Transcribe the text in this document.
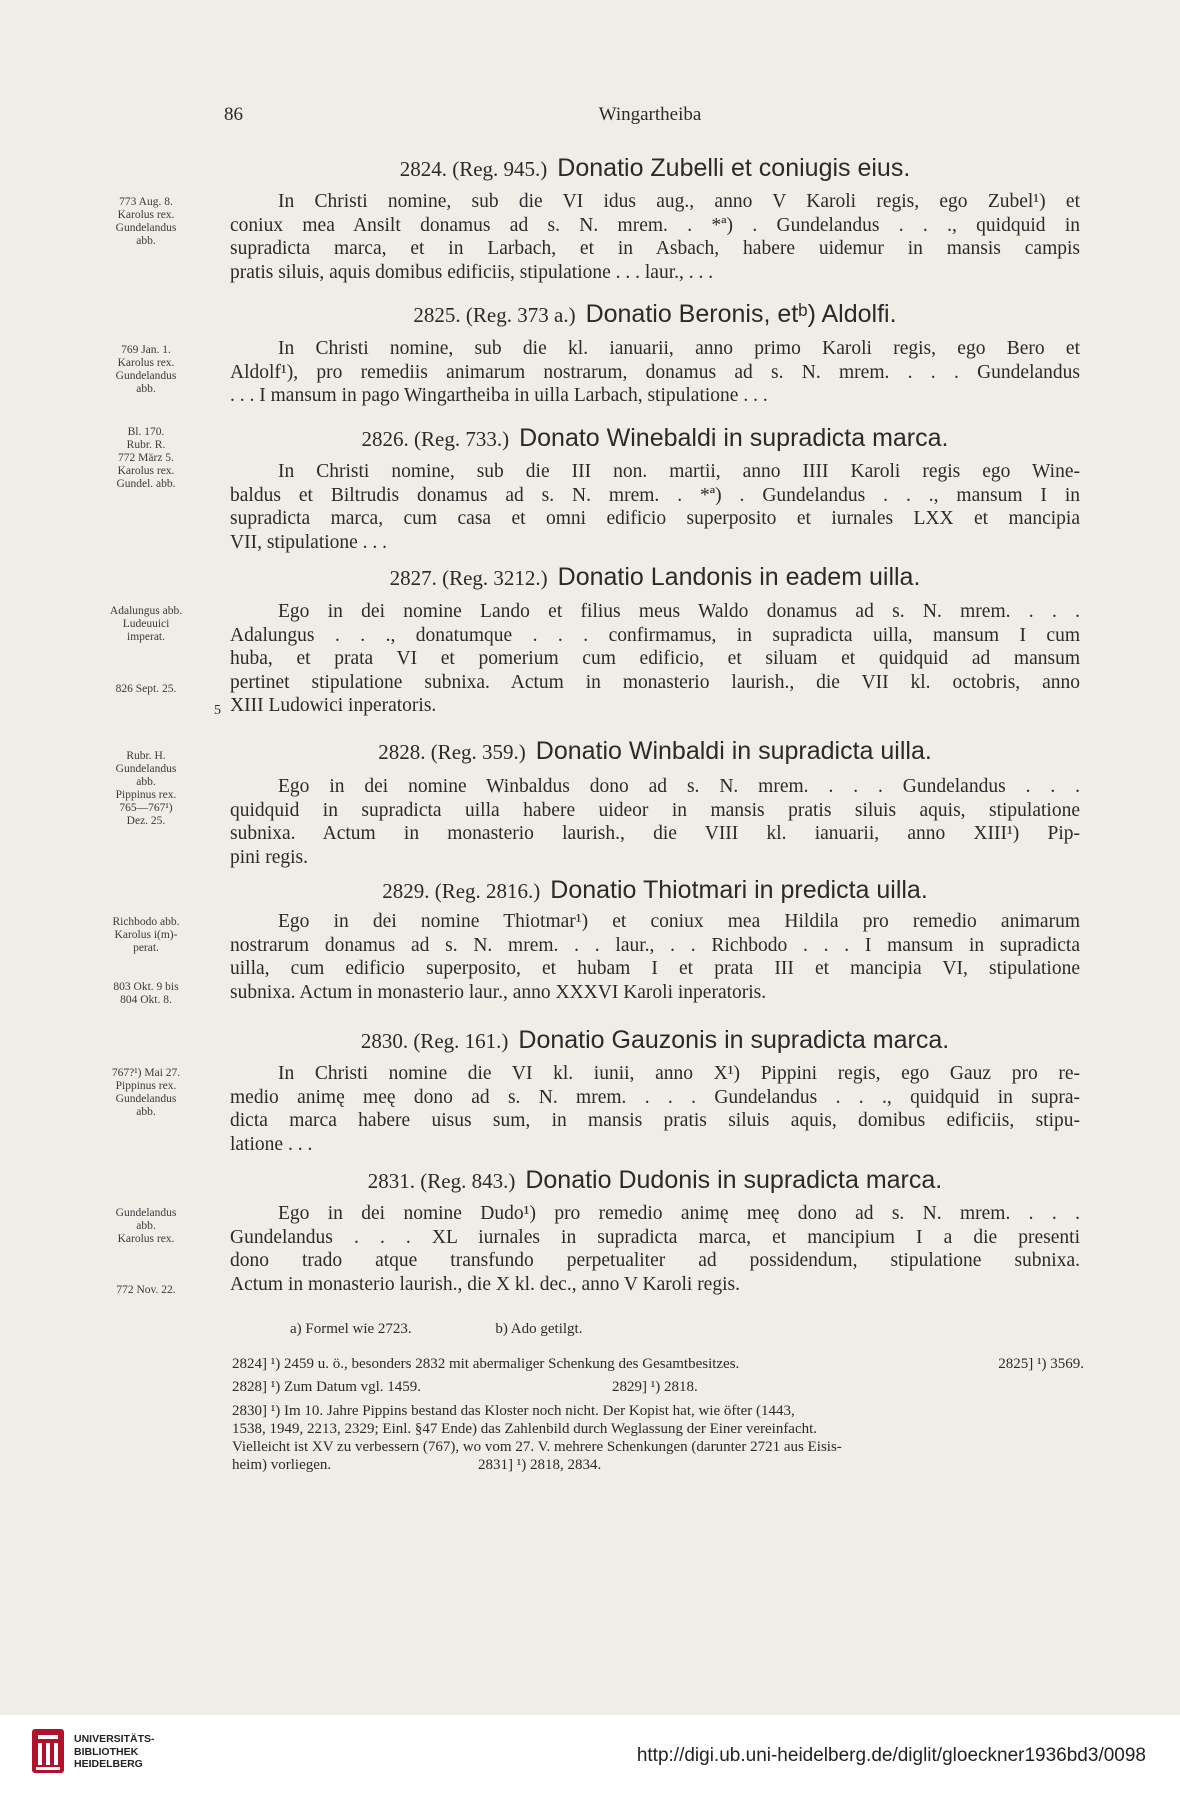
86	Wingartheiba
2824. (Reg. 945.) Donatio Zubelli et coniugis eius.
773 Aug. 8.
Karolus rex.
Gundelandus
abb.
In Christi nomine, sub die VI idus aug., anno V Karoli regis, ego Zubel¹) et
coniux mea Ansilt donamus ad s. N. mrem. . *ª) . Gundelandus . . ., quidquid in
supradicta marca, et in Larbach, et in Asbach, habere uidemur in mansis campis
pratis siluis, aquis domibus edificiis, stipulatione . . . laur., . . .
2825. (Reg. 373 a.) Donatio Beronis, etᵇ) Aldolfi.
769 Jan. 1.
Karolus rex.
Gundelandus
abb.
In Christi nomine, sub die kl. ianuarii, anno primo Karoli regis, ego Bero et
Aldolf¹), pro remediis animarum nostrarum, donamus ad s. N. mrem. . . . Gundelandus
. . . I mansum in pago Wingartheiba in uilla Larbach, stipulatione . . .
2826. (Reg. 733.) Donato Winebaldi in supradicta marca.
Bl. 170.
Rubr. R.
772 März 5.
Karolus rex.
Gundel. abb.
In Christi nomine, sub die III non. martii, anno IIII Karoli regis ego Wine-
baldus et Biltrudis donamus ad s. N. mrem. . *ª) . Gundelandus . . ., mansum I in
supradicta marca, cum casa et omni edificio superposito et iurnales LXX et mancipia
VII, stipulatione . . .
2827. (Reg. 3212.) Donatio Landonis in eadem uilla.
Adalungus abb.
Ludeuuici
imperat.
826 Sept. 25.
5
Ego in dei nomine Lando et filius meus Waldo donamus ad s. N. mrem. . . .
Adalungus . . ., donatumque . . . confirmamus, in supradicta uilla, mansum I cum
huba, et prata VI et pomerium cum edificio, et siluam et quidquid ad mansum
pertinet stipulatione subnixa. Actum in monasterio laurish., die VII kl. octobris, anno
XIII Ludowici inperatoris.
2828. (Reg. 359.) Donatio Winbaldi in supradicta uilla.
Rubr. H.
Gundelandus
abb.
Pippinus rex.
765—767¹)
Dez. 25.
Ego in dei nomine Winbaldus dono ad s. N. mrem. . . . Gundelandus . . .
quidquid in supradicta uilla habere uideor in mansis pratis siluis aquis, stipulatione
subnixa. Actum in monasterio laurish., die VIII kl. ianuarii, anno XIII¹) Pip-
pini regis.
2829. (Reg. 2816.) Donatio Thiotmari in predicta uilla.
Richbodo abb.
Karolus i(m)-
perat.
803 Okt. 9 bis
804 Okt. 8.
Ego in dei nomine Thiotmar¹) et coniux mea Hildila pro remedio animarum
nostrarum donamus ad s. N. mrem. . . laur., . . Richbodo . . . I mansum in supradicta
uilla, cum edificio superposito, et hubam I et prata III et mancipia VI, stipulatione
subnixa. Actum in monasterio laur., anno XXXVI Karoli inperatoris.
2830. (Reg. 161.) Donatio Gauzonis in supradicta marca.
767?¹) Mai 27.
Pippinus rex.
Gundelandus
abb.
In Christi nomine die VI kl. iunii, anno X¹) Pippini regis, ego Gauz pro re-
medio animę meę dono ad s. N. mrem. . . . Gundelandus . . ., quidquid in supra-
dicta marca habere uisus sum, in mansis pratis siluis aquis, domibus edificiis, stipu-
latione . . .
2831. (Reg. 843.) Donatio Dudonis in supradicta marca.
Gundelandus
abb.
Karolus rex.
772 Nov. 22.
Ego in dei nomine Dudo¹) pro remedio animę meę dono ad s. N. mrem. . . .
Gundelandus . . . XL iurnales in supradicta marca, et mancipium I a die presenti
dono trado atque transfundo perpetualiter ad possidendum, stipulatione subnixa.
Actum in monasterio laurish., die X kl. dec., anno V Karoli regis.
a) Formel wie 2723.	b) Ado getilgt.
2824] ¹) 2459 u. ö., besonders 2832 mit abermaliger Schenkung des Gesamtbesitzes.	2825] ¹) 3569.
2828] ¹) Zum Datum vgl. 1459.	2829] ¹) 2818.
2830] ¹) Im 10. Jahre Pippins bestand das Kloster noch nicht. Der Kopist hat, wie öfter (1443,
1538, 1949, 2213, 2329; Einl. §47 Ende) das Zahlenbild durch Weglassung der Einer vereinfacht.
Vielleicht ist XV zu verbessern (767), wo vom 27. V. mehrere Schenkungen (darunter 2721 aus Eisis-
heim) vorliegen.	2831] ¹) 2818, 2834.
UNIVERSITÄTS-
BIBLIOTHEK
HEIDELBERG	http://digi.ub.uni-heidelberg.de/diglit/gloeckner1936bd3/0098
